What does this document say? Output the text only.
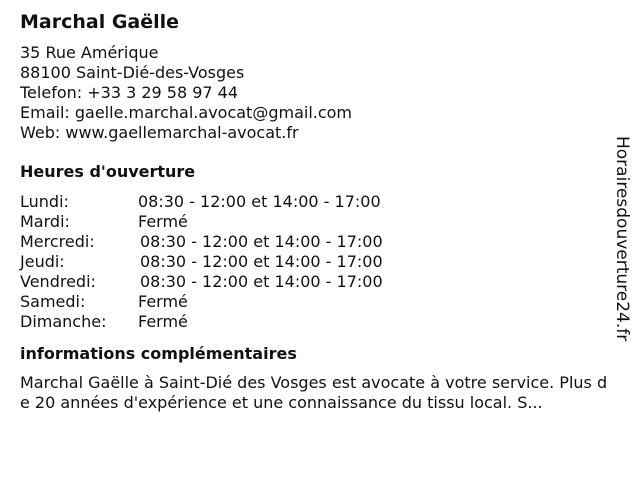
Marchal Gaëlle
35 Rue Amérique
88100 Saint-Dié-des-Vosges
Telefon: +33 3 29 58 97 44
Email: gaelle.marchal.avocat@gmail.com
Web: www.gaellemarchal-avocat.fr
Heures d'ouverture
Lundi:	08:30 - 12:00 et 14:00 - 17:00
Mardi:	Fermé
Mercredi:	08:30 - 12:00 et 14:00 - 17:00
Jeudi:	08:30 - 12:00 et 14:00 - 17:00
Vendredi:	08:30 - 12:00 et 14:00 - 17:00
Samedi:	Fermé
Dimanche:	Fermé
informations complémentaires
Marchal Gaëlle à Saint-Dié des Vosges est avocate à votre service. Plus de 20 années d'expérience et une connaissance du tissu local. S...
Horairesdouverture24.fr
